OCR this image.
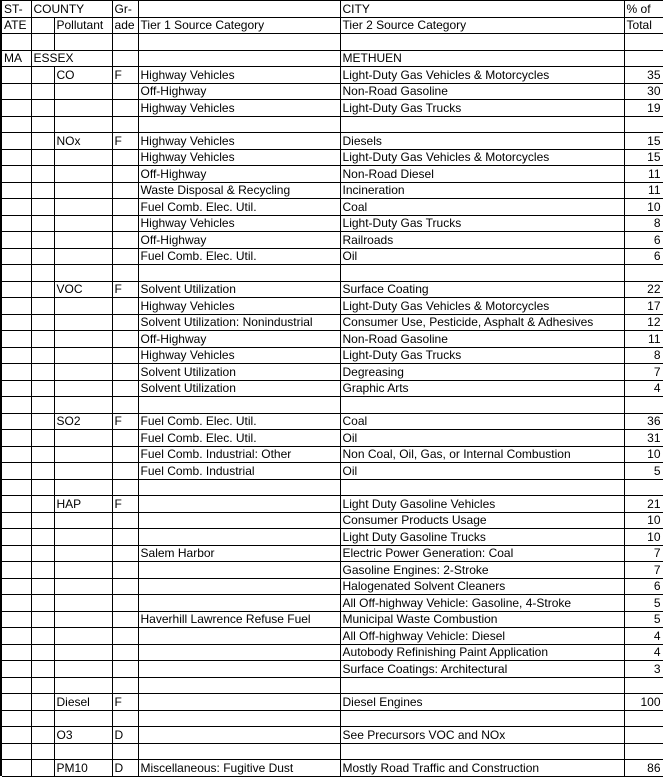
ST-	COUNTY		Gr-		CITY	% of
ATE		Pollutant	ade	Tier 1 Source Category	Tier 2 Source Category	Total

MA	ESSEX				METHUEN	
		CO	F	Highway Vehicles	Light-Duty Gas Vehicles & Motorcycles	35
				Off-Highway	Non-Road Gasoline	30
				Highway Vehicles	Light-Duty Gas Trucks	19

		NOx	F	Highway Vehicles	Diesels	15
				Highway Vehicles	Light-Duty Gas Vehicles & Motorcycles	15
				Off-Highway	Non-Road Diesel	11
				Waste Disposal & Recycling	Incineration	11
				Fuel Comb. Elec. Util.	Coal	10
				Highway Vehicles	Light-Duty Gas Trucks	8
				Off-Highway	Railroads	6
				Fuel Comb. Elec. Util.	Oil	6

		VOC	F	Solvent Utilization	Surface Coating	22
				Highway Vehicles	Light-Duty Gas Vehicles & Motorcycles	17
				Solvent Utilization: Nonindustrial	Consumer Use, Pesticide, Asphalt & Adhesives	12
				Off-Highway	Non-Road Gasoline	11
				Highway Vehicles	Light-Duty Gas Trucks	8
				Solvent Utilization	Degreasing	7
				Solvent Utilization	Graphic Arts	4

		SO2	F	Fuel Comb. Elec. Util.	Coal	36
				Fuel Comb. Elec. Util.	Oil	31
				Fuel Comb. Industrial: Other	Non Coal, Oil, Gas, or Internal Combustion	10
				Fuel Comb. Industrial	Oil	5

		HAP	F		Light Duty Gasoline Vehicles	21
					Consumer Products Usage	10
					Light Duty Gasoline Trucks	10
				Salem Harbor	Electric Power Generation: Coal	7
					Gasoline Engines: 2-Stroke	7
					Halogenated Solvent Cleaners	6
					All Off-highway Vehicle: Gasoline, 4-Stroke	5
				Haverhill Lawrence Refuse Fuel	Municipal Waste Combustion	5
					All Off-highway Vehicle: Diesel	4
					Autobody Refinishing Paint Application	4
					Surface Coatings: Architectural	3

		Diesel	F		Diesel Engines	100

		O3	D		See Precursors VOC and NOx	

		PM10	D	Miscellaneous: Fugitive Dust	Mostly Road Traffic and Construction	86
